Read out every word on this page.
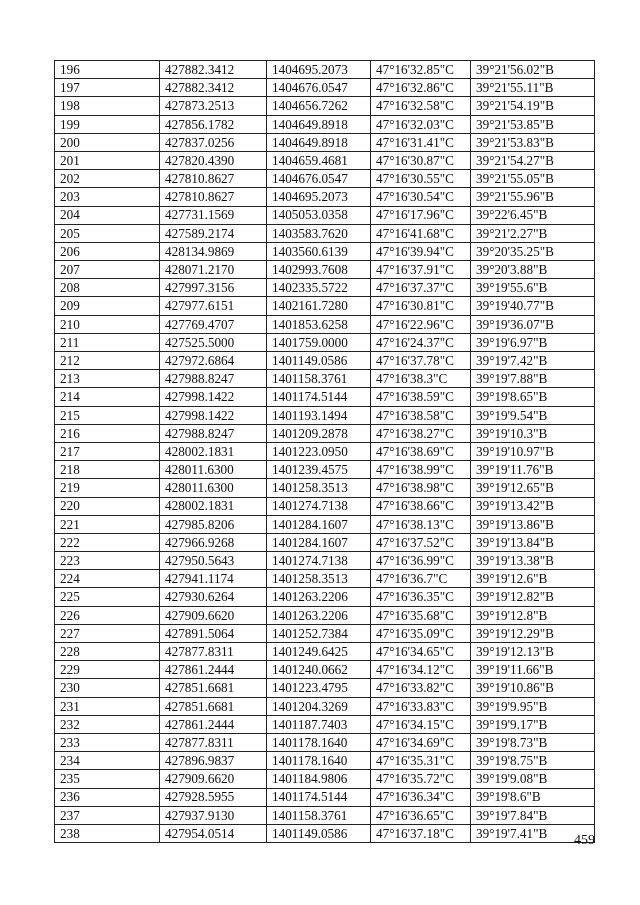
196	427882.3412	1404695.2073	47°16'32.85"С	39°21'56.02"В
197	427882.3412	1404676.0547	47°16'32.86"С	39°21'55.11"В
198	427873.2513	1404656.7262	47°16'32.58"С	39°21'54.19"В
199	427856.1782	1404649.8918	47°16'32.03"С	39°21'53.85"В
200	427837.0256	1404649.8918	47°16'31.41"С	39°21'53.83"В
201	427820.4390	1404659.4681	47°16'30.87"С	39°21'54.27"В
202	427810.8627	1404676.0547	47°16'30.55"С	39°21'55.05"В
203	427810.8627	1404695.2073	47°16'30.54"С	39°21'55.96"В
204	427731.1569	1405053.0358	47°16'17.96"С	39°22'6.45"В
205	427589.2174	1403583.7620	47°16'41.68"С	39°21'2.27"В
206	428134.9869	1403560.6139	47°16'39.94"С	39°20'35.25"В
207	428071.2170	1402993.7608	47°16'37.91"С	39°20'3.88"В
208	427997.3156	1402335.5722	47°16'37.37"С	39°19'55.6"В
209	427977.6151	1402161.7280	47°16'30.81"С	39°19'40.77"В
210	427769.4707	1401853.6258	47°16'22.96"С	39°19'36.07"В
211	427525.5000	1401759.0000	47°16'24.37"С	39°19'6.97"В
212	427972.6864	1401149.0586	47°16'37.78"С	39°19'7.42"В
213	427988.8247	1401158.3761	47°16'38.3"С	39°19'7.88"В
214	427998.1422	1401174.5144	47°16'38.59"С	39°19'8.65"В
215	427998.1422	1401193.1494	47°16'38.58"С	39°19'9.54"В
216	427988.8247	1401209.2878	47°16'38.27"С	39°19'10.3"В
217	428002.1831	1401223.0950	47°16'38.69"С	39°19'10.97"В
218	428011.6300	1401239.4575	47°16'38.99"С	39°19'11.76"В
219	428011.6300	1401258.3513	47°16'38.98"С	39°19'12.65"В
220	428002.1831	1401274.7138	47°16'38.66"С	39°19'13.42"В
221	427985.8206	1401284.1607	47°16'38.13"С	39°19'13.86"В
222	427966.9268	1401284.1607	47°16'37.52"С	39°19'13.84"В
223	427950.5643	1401274.7138	47°16'36.99"С	39°19'13.38"В
224	427941.1174	1401258.3513	47°16'36.7"С	39°19'12.6"В
225	427930.6264	1401263.2206	47°16'36.35"С	39°19'12.82"В
226	427909.6620	1401263.2206	47°16'35.68"С	39°19'12.8"В
227	427891.5064	1401252.7384	47°16'35.09"С	39°19'12.29"В
228	427877.8311	1401249.6425	47°16'34.65"С	39°19'12.13"В
229	427861.2444	1401240.0662	47°16'34.12"С	39°19'11.66"В
230	427851.6681	1401223.4795	47°16'33.82"С	39°19'10.86"В
231	427851.6681	1401204.3269	47°16'33.83"С	39°19'9.95"В
232	427861.2444	1401187.7403	47°16'34.15"С	39°19'9.17"В
233	427877.8311	1401178.1640	47°16'34.69"С	39°19'8.73"В
234	427896.9837	1401178.1640	47°16'35.31"С	39°19'8.75"В
235	427909.6620	1401184.9806	47°16'35.72"С	39°19'9.08"В
236	427928.5955	1401174.5144	47°16'36.34"С	39°19'8.6"В
237	427937.9130	1401158.3761	47°16'36.65"С	39°19'7.84"В
238	427954.0514	1401149.0586	47°16'37.18"С	39°19'7.41"В 459
